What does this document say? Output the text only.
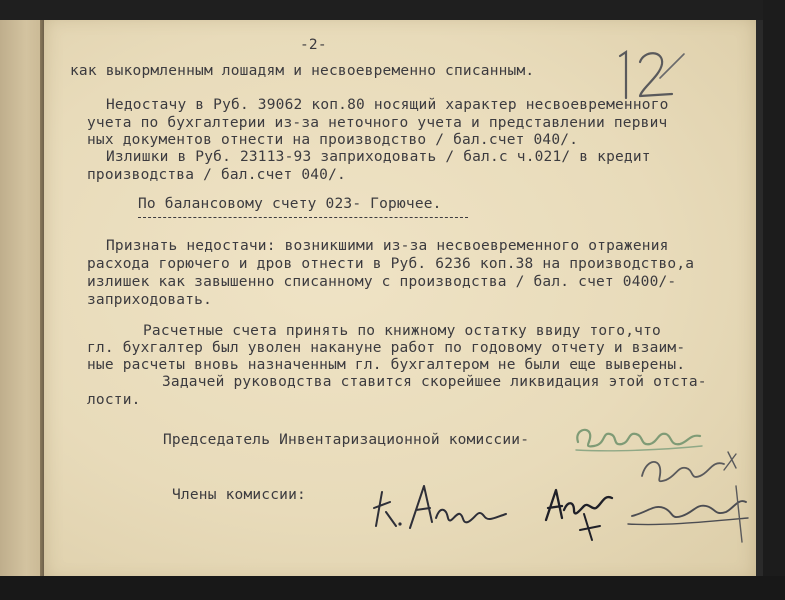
-2-
как выкормленным лошадям и несвоевременно списанным.
Недостачу в Руб. 39062 коп.80 носящий характер несвоевременного
учета по бухгалтерии из-за неточного учета и представлении первич
ных документов отнести на производство / бал.счет 040/.
Излишки в Руб. 23113-93 заприходовать / бал.с ч.021/ в кредит
производства / бал.счет 040/.
По балансовому счету 023- Горючее.
Признать недостачи: возникшими из-за несвоевременного отражения
расхода горючего и дров отнести в Руб. 6236 коп.38 на производство,а
излишек как завышенно списанному с производства / бал. счет 0400/-
заприходовать.
Расчетные счета принять по книжному остатку ввиду того,что
гл. бухгалтер был уволен накануне работ по годовому отчету и взаим-
ные расчеты вновь назначенным гл. бухгалтером не были еще выверены.
Задачей руководства ставится скорейшее ликвидация этой отста-
лости.
Председатель Инвентаризационной комиссии-
Члены комиссии:
